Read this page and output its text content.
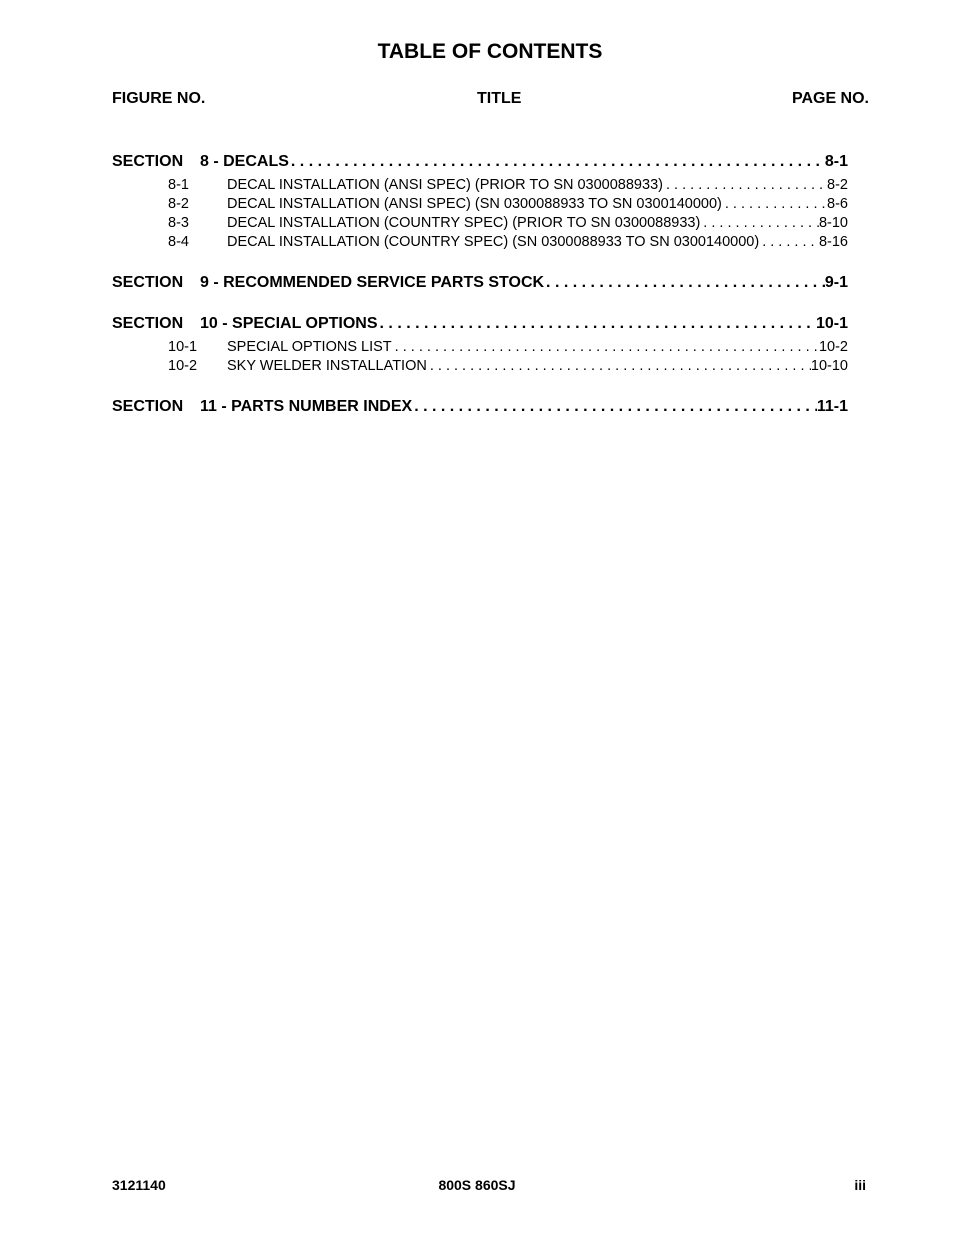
TABLE OF CONTENTS
FIGURE NO.	TITLE	PAGE NO.
SECTION	8 - DECALS . . .	8-1
8-1	DECAL INSTALLATION (ANSI SPEC) (PRIOR TO SN 0300088933) . . .	8-2
8-2	DECAL INSTALLATION (ANSI SPEC) (SN 0300088933 TO SN 0300140000) . . .	8-6
8-3	DECAL INSTALLATION (COUNTRY SPEC) (PRIOR TO SN 0300088933) . . .	8-10
8-4	DECAL INSTALLATION (COUNTRY SPEC) (SN 0300088933 TO SN 0300140000) . . .	8-16
SECTION	9 - RECOMMENDED SERVICE PARTS STOCK . . .	9-1
SECTION	10 - SPECIAL OPTIONS . . .	10-1
10-1	SPECIAL OPTIONS LIST . . .	10-2
10-2	SKY WELDER INSTALLATION . . .	10-10
SECTION	11 - PARTS NUMBER INDEX . . .	11-1
3121140	800S 860SJ	iii
